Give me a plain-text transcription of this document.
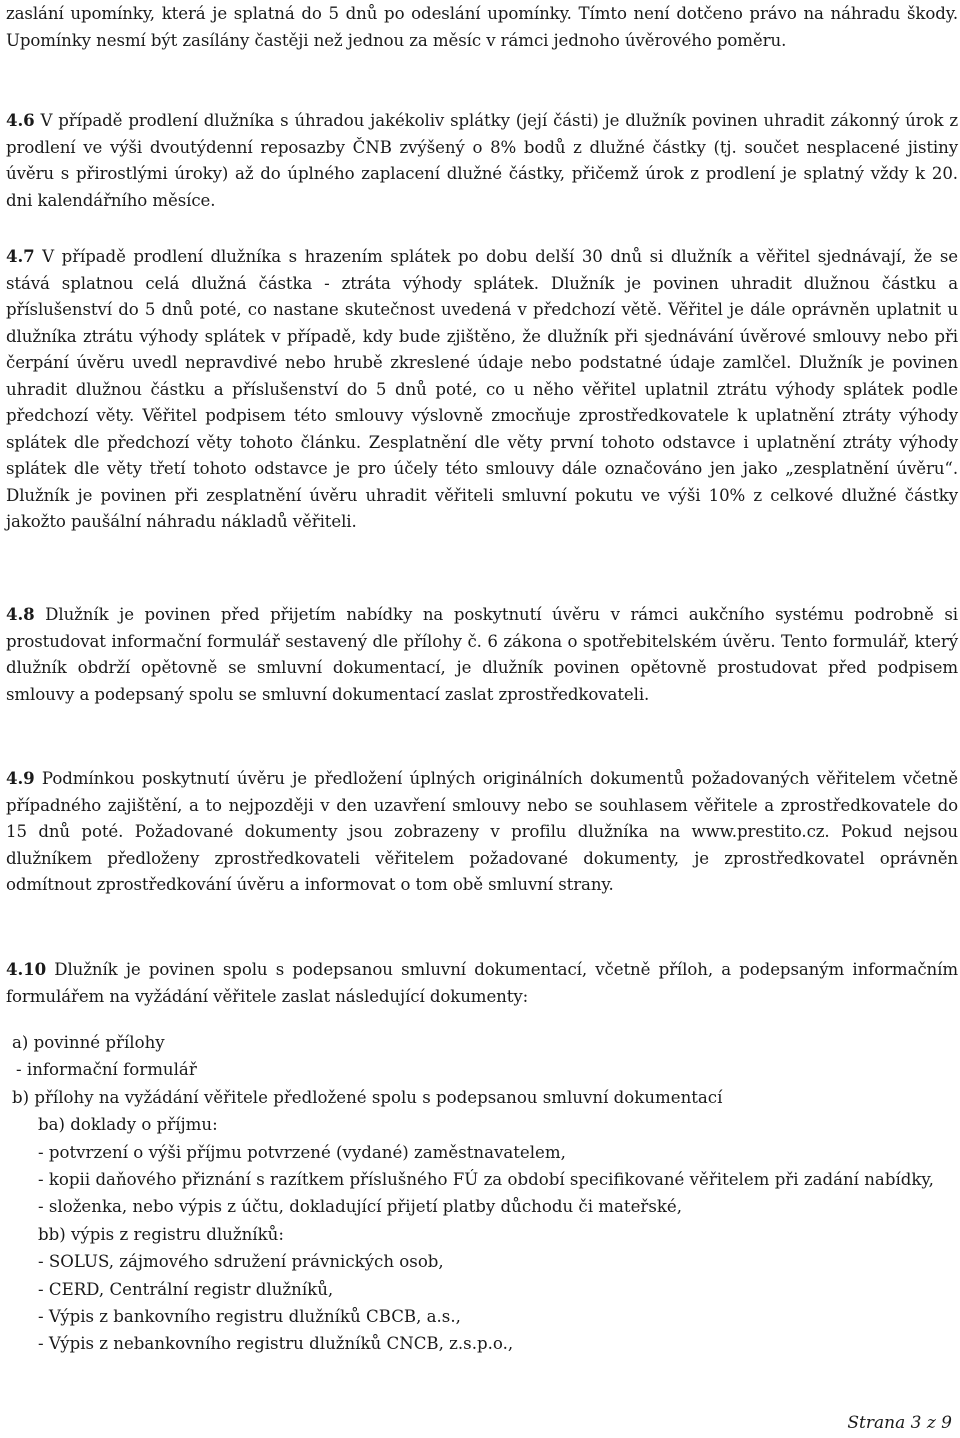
zaslání upomínky, která je splatná do 5 dnů po odeslání upomínky. Tímto není dotčeno právo na náhradu škody. Upomínky nesmí být zasílány častěji než jednou za měsíc v rámci jednoho úvěrového poměru.

4.6 V případě prodlení dlužníka s úhradou jakékoliv splátky (její části) je dlužník povinen uhradit zákonný úrok z prodlení ve výši dvoutýdenní reposazby ČNB zvýšený o 8% bodů z dlužné částky (tj. součet nesplacené jistiny úvěru s přirostlými úroky) až do úplného zaplacení dlužné částky, přičemž úrok z prodlení je splatný vždy k 20. dni kalendářního měsíce.

4.7 V případě prodlení dlužníka s hrazením splátek po dobu delší 30 dnů si dlužník a věřitel sjednávají, že se stává splatnou celá dlužná částka - ztráta výhody splátek. Dlužník je povinen uhradit dlužnou částku a příslušenství do 5 dnů poté, co nastane skutečnost uvedená v předchozí větě. Věřitel je dále oprávněn uplatnit u dlužníka ztrátu výhody splátek v případě, kdy bude zjištěno, že dlužník při sjednávání úvěrové smlouvy nebo při čerpání úvěru uvedl nepravdivé nebo hrubě zkreslené údaje nebo podstatné údaje zamlčel. Dlužník je povinen uhradit dlužnou částku a příslušenství do 5 dnů poté, co u něho věřitel uplatnil ztrátu výhody splátek podle předchozí věty. Věřitel podpisem této smlouvy výslovně zmocňuje zprostředkovatele k uplatnění ztráty výhody splátek dle předchozí věty tohoto článku. Zesplatnění dle věty první tohoto odstavce i uplatnění ztráty výhody splátek dle věty třetí tohoto odstavce je pro účely této smlouvy dále označováno jen jako „zesplatnění úvěru“. Dlužník je povinen při zesplatnění úvěru uhradit věřiteli smluvní pokutu ve výši 10% z celkové dlužné částky jakožto paušální náhradu nákladů věřiteli.

4.8 Dlužník je povinen před přijetím nabídky na poskytnutí úvěru v rámci aukčního systému podrobně si prostudovat informační formulář sestavený dle přílohy č. 6 zákona o spotřebitelském úvěru. Tento formulář, který dlužník obdrží opětovně se smluvní dokumentací, je dlužník povinen opětovně prostudovat před podpisem smlouvy a podepsaný spolu se smluvní dokumentací zaslat zprostředkovateli.

4.9 Podmínkou poskytnutí úvěru je předložení úplných originálních dokumentů požadovaných věřitelem včetně případného zajištění, a to nejpozději v den uzavření smlouvy nebo se souhlasem věřitele a zprostředkovatele do 15 dnů poté. Požadované dokumenty jsou zobrazeny v profilu dlužníka na www.prestito.cz. Pokud nejsou dlužníkem předloženy zprostředkovateli věřitelem požadované dokumenty, je zprostředkovatel oprávněn odmítnout zprostředkování úvěru a informovat o tom obě smluvní strany.

4.10 Dlužník je povinen spolu s podepsanou smluvní dokumentací, včetně příloh, a podepsaným informačním formulářem na vyžádání věřitele zaslat následující dokumenty:

a) povinné přílohy
- informační formulář
b) přílohy na vyžádání věřitele předložené spolu s podepsanou smluvní dokumentací
ba) doklady o příjmu:
- potvrzení o výši příjmu potvrzené (vydané) zaměstnavatelem,
- kopii daňového přiznání s razítkem příslušného FÚ za období specifikované věřitelem při zadání nabídky,
- složenka, nebo výpis z účtu, dokladující přijetí platby důchodu či mateřské,
bb) výpis z registru dlužníků:
- SOLUS, zájmového sdružení právnických osob,
- CERD, Centrální registr dlužníků,
- Výpis z bankovního registru dlužníků CBCB, a.s.,
- Výpis z nebankovního registru dlužníků CNCB, z.s.p.o.,
Strana 3 z 9
